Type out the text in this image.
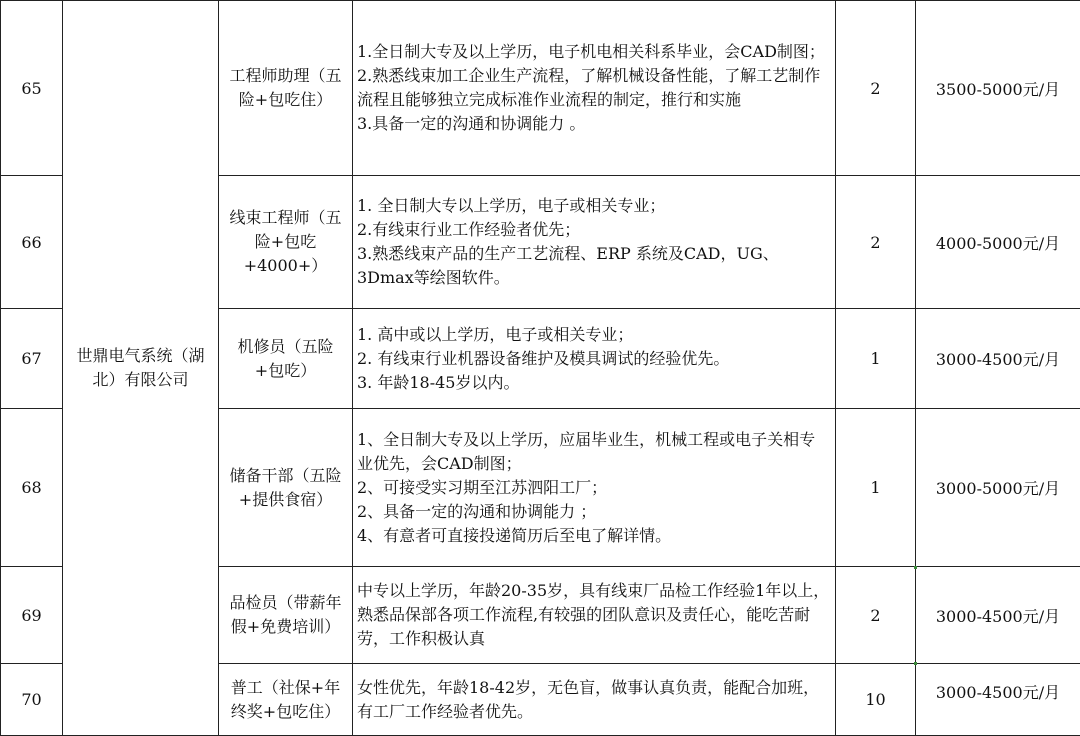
65	世鼎电气系统（湖北）有限公司	工程师助理（五险+包吃住）	1.全日制大专及以上学历，电子机电相关科系毕业，会CAD制图；
2.熟悉线束加工企业生产流程，了解机械设备性能，了解工艺制作流程且能够独立完成标准作业流程的制定，推行和实施
3.具备一定的沟通和协调能力 。	2	3500-5000元/月
66		线束工程师（五险+包吃+4000+）	1. 全日制大专以上学历，电子或相关专业；
2.有线束行业工作经验者优先；
3.熟悉线束产品的生产工艺流程、ERP 系统及CAD，UG、3Dmax等绘图软件。	2	4000-5000元/月
67		机修员（五险+包吃）	1. 高中或以上学历，电子或相关专业；
2. 有线束行业机器设备维护及模具调试的经验优先。
3. 年龄18-45岁以内。	1	3000-4500元/月
68		储备干部（五险+提供食宿）	1、全日制大专及以上学历，应届毕业生，机械工程或电子关相专业优先，会CAD制图；
2、可接受实习期至江苏泗阳工厂；
2、具备一定的沟通和协调能力 ；
4、有意者可直接投递简历后至电了解详情。	1	3000-5000元/月
69		品检员（带薪年假+免费培训）	中专以上学历，年龄20-35岁，具有线束厂品检工作经验1年以上，熟悉品保部各项工作流程,有较强的团队意识及责任心，能吃苦耐劳，工作积极认真	2	3000-4500元/月
70		普工（社保+年终奖+包吃住）	女性优先，年龄18-42岁，无色盲，做事认真负责，能配合加班，有工厂工作经验者优先。	10	3000-4500元/月
